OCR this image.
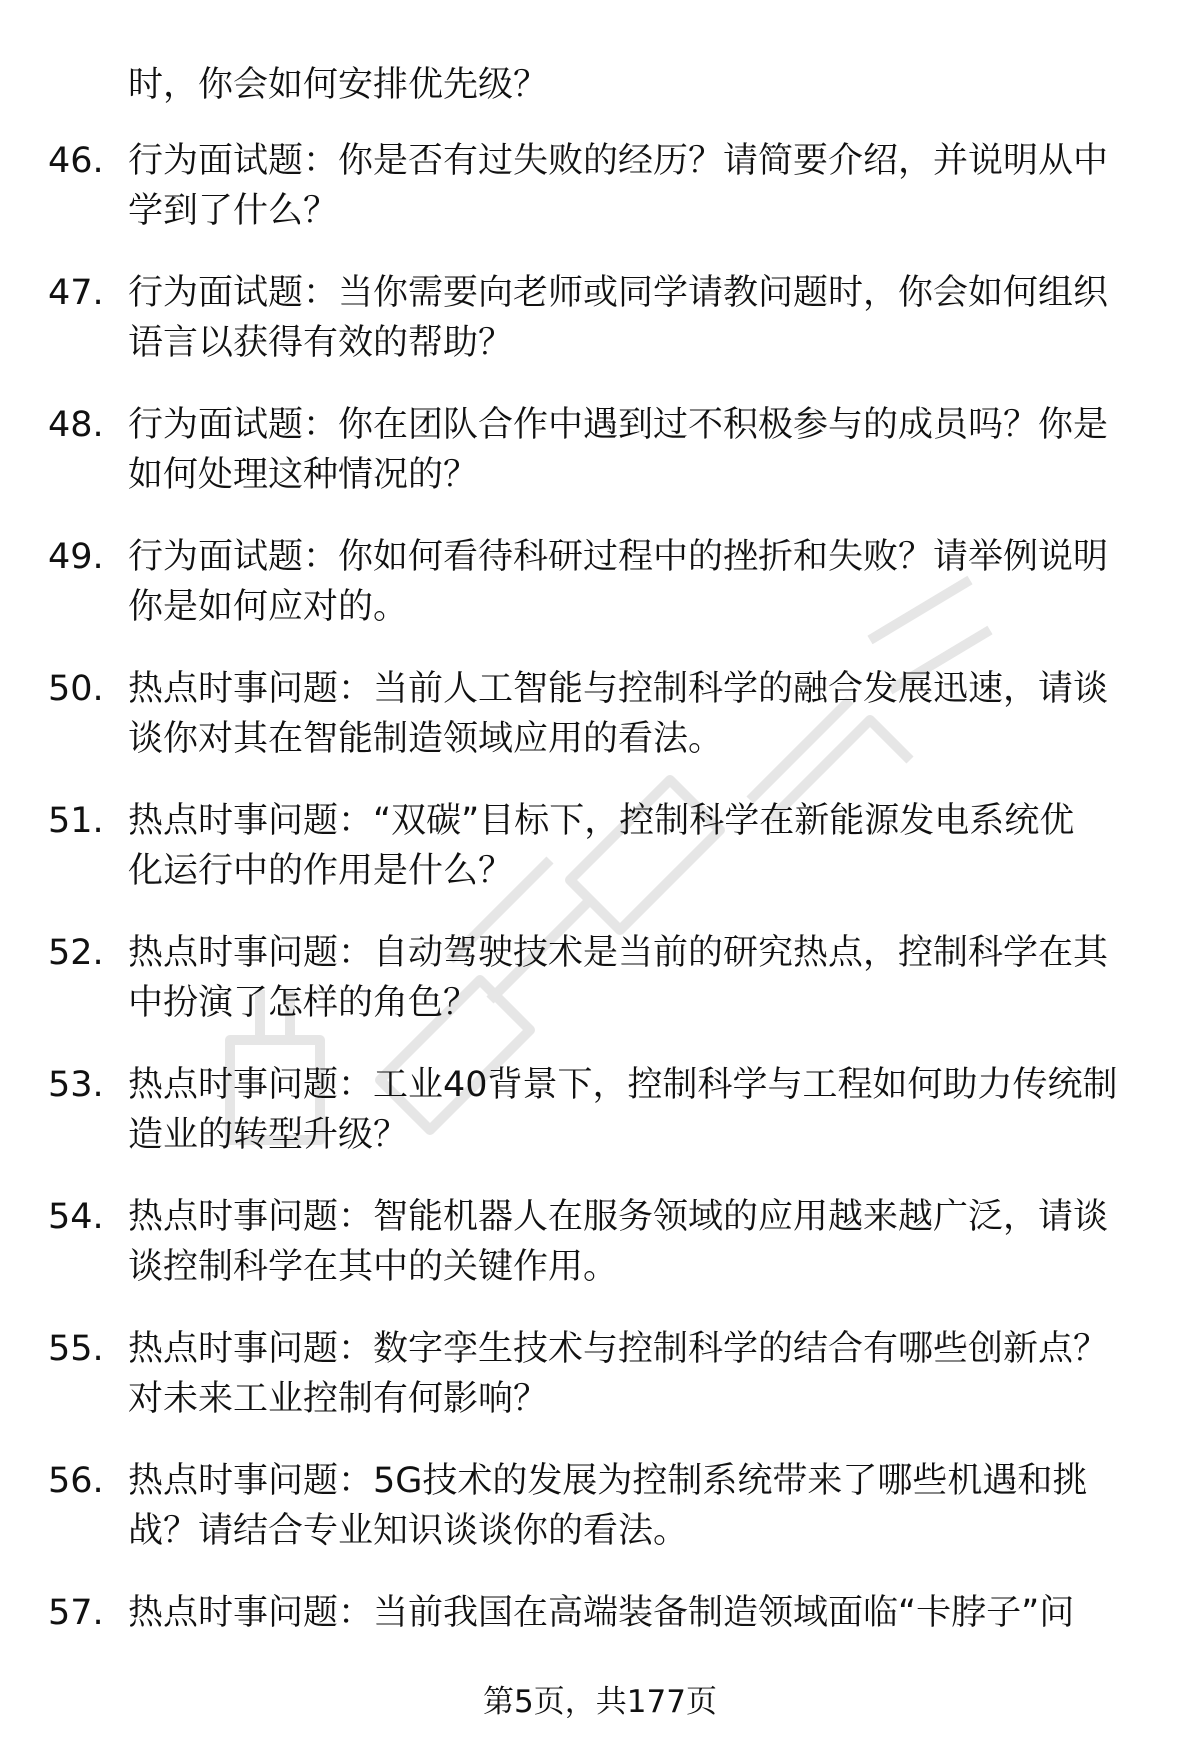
时，你会如何安排优先级？
46. 行为面试题：你是否有过失败的经历？请简要介绍，并说明从中
学到了什么？
47. 行为面试题：当你需要向老师或同学请教问题时，你会如何组织
语言以获得有效的帮助？
48. 行为面试题：你在团队合作中遇到过不积极参与的成员吗？你是
如何处理这种情况的？
49. 行为面试题：你如何看待科研过程中的挫折和失败？请举例说明
你是如何应对的。
50. 热点时事问题：当前人工智能与控制科学的融合发展迅速，请谈
谈你对其在智能制造领域应用的看法。
51. 热点时事问题：“双碳”目标下，控制科学在新能源发电系统优
化运行中的作用是什么？
52. 热点时事问题：自动驾驶技术是当前的研究热点，控制科学在其
中扮演了怎样的角色？
53. 热点时事问题：工业40背景下，控制科学与工程如何助力传统制
造业的转型升级？
54. 热点时事问题：智能机器人在服务领域的应用越来越广泛，请谈
谈控制科学在其中的关键作用。
55. 热点时事问题：数字孪生技术与控制科学的结合有哪些创新点？
对未来工业控制有何影响？
56. 热点时事问题：5G技术的发展为控制系统带来了哪些机遇和挑
战？请结合专业知识谈谈你的看法。
57. 热点时事问题：当前我国在高端装备制造领域面临“卡脖子”问
第5页，共177页
